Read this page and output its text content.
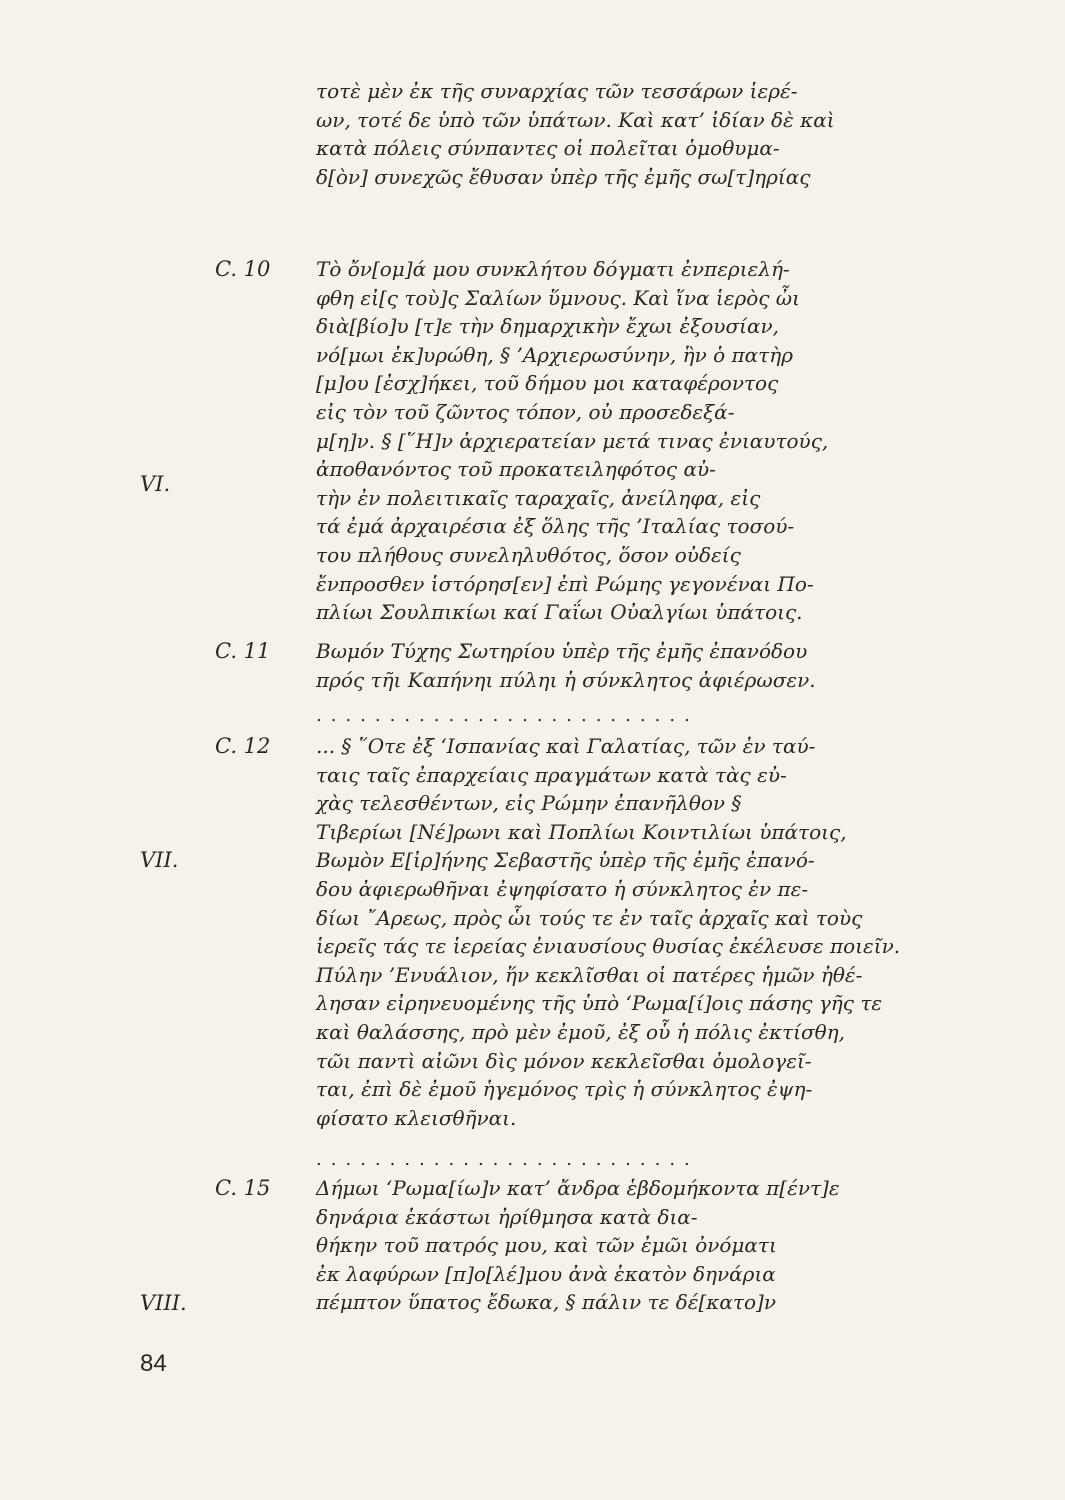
τοτὲ μὲν ἐκ τῆς συναρχίας τῶν τεσσάρων ἱερέ-
ων, τοτέ δε ὑπὸ τῶν ὑπάτων. Καὶ κατ’ ἰδίαν δὲ καὶ
κατὰ πόλεις σύνπαντες οἱ πολεῖται ὁμοθυμα-
δ[ὸν] συνεχῶς ἔθυσαν ὑπὲρ τῆς ἐμῆς σω[τ]ηρίας
C. 10 Τὸ ὄν[ομ]ά μου συνκλήτου δόγματι ἐνπεριελή-
φθη εἰ[ς τοὺ]ς Σαλίων ὕμνους. Καὶ ἵνα ἱερὸς ὦι
διὰ[βίο]υ [τ]ε τὴν δημαρχικὴν ἔχωι ἐξουσίαν,
νό[μωι ἐκ]υρώθη, § ’Αρχιερωσύνην, ἣν ὁ πατὴρ
[μ]ου [ἐσχ]ήκει, τοῦ δήμου μοι καταφέροντος
εἰς τὸν τοῦ ζῶντος τόπον, οὐ προσεδεξά-
μ[η]ν. § [῞Η]ν ἀρχιερατείαν μετά τινας ἐνιαυτούς,
ἀποθανόντος τοῦ προκατειληφότος αὐ-
τὴν ἐν πολειτικαῖς ταραχαῖς, ἀνείληφα, εἰς
τά ἐμά ἀρχαιρέσια ἐξ ὅλης τῆς ’Ιταλίας τοσού-
του πλήθους συνεληλυθότος, ὅσον οὐδείς
ἔνπροσθεν ἱστόρησ[εν] ἐπὶ Ρώμης γεγονέναι Πο-
πλίωι Σουλπικίωι καί Γαΐωι Οὐαλγίωι ὑπάτοις.
VI.
C. 11 Βωμόν Τύχης Σωτηρίου ὑπὲρ τῆς ἐμῆς ἐπανόδου
πρός τῆι Καπήνηι πύληι ἡ σύνκλητος ἀφιέρωσεν.
..........................
C. 12 ... § ῞Οτε ἐξ ‘Ισπανίας καὶ Γαλατίας, τῶν ἐν ταύ-
ταις ταῖς ἐπαρχείαις πραγμάτων κατὰ τὰς εὐ-
χὰς τελεσθέντων, εἰς Ρώμην ἐπανῆλθον §
Τιβερίωι [Νέ]ρωνι καὶ Ποπλίωι Κοιντιλίωι ὑπάτοις,
Βωμὸν Ε[ἰρ]ήνης Σεβαστῆς ὑπὲρ τῆς ἐμῆς ἐπανό-
δου ἀφιερωθῆναι ἐψηφίσατο ἡ σύνκλητος ἐν πε-
δίωι ῎Αρεως, πρὸς ὧι τούς τε ἐν ταῖς ἀρχαῖς καὶ τοὺς
ἱερεῖς τάς τε ἱερείας ἐνιαυσίους θυσίας ἐκέλευσε ποιεῖν.
Πύλην ’Ενυάλιον, ἥν κεκλῖσθαι οἱ πατέρες ἡμῶν ἠθέ-
λησαν εἰρηνευομένης τῆς ὑπὸ ‘Ρωμα[ί]οις πάσης γῆς τε
καὶ θαλάσσης, πρὸ μὲν ἐμοῦ, ἐξ οὗ ἡ πόλις ἐκτίσθη,
τῶι παντὶ αἰῶνι δὶς μόνον κεκλεῖσθαι ὁμολογεῖ-
ται, ἐπὶ δὲ ἐμοῦ ἡγεμόνος τρὶς ἡ σύνκλητος ἐψη-
φίσατο κλεισθῆναι.
VII.
..........................
C. 15 Δήμωι ‘Ρωμα[ίω]ν κατ’ ἄνδρα ἑβδομήκοντα π[έντ]ε
δηνάρια ἑκάστωι ἠρίθμησα κατὰ δια-
θήκην τοῦ πατρός μου, καὶ τῶν ἐμῶι ὀνόματι
ἐκ λαφύρων [π]ο[λέ]μου ἀνὰ ἑκατὸν δηνάρια
πέμπτον ὕπατος ἔδωκα, § πάλιν τε δέ[κατο]ν
VIII.
84
